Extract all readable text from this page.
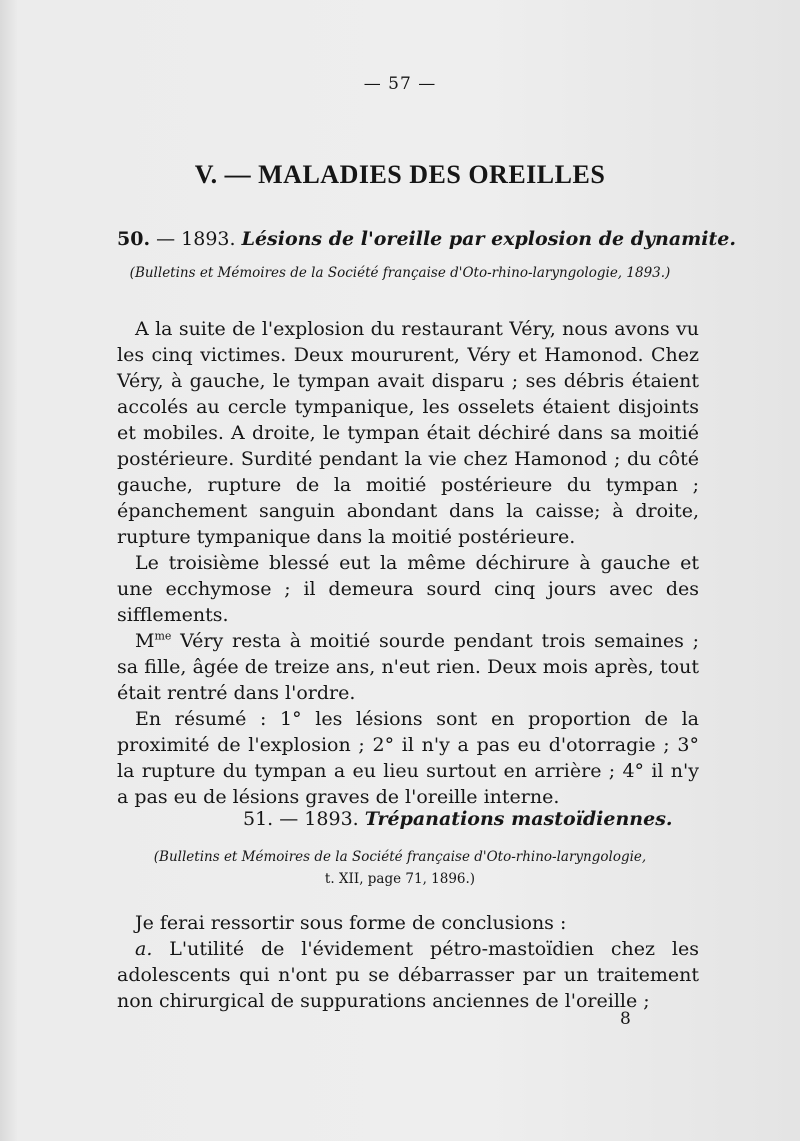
— 57 —
V. — MALADIES DES OREILLES
50. — 1893. Lésions de l'oreille par explosion de dynamite.
(Bulletins et Mémoires de la Société française d'Oto-rhino-laryngologie, 1893.)

A la suite de l'explosion du restaurant Véry, nous avons vu les cinq victimes. Deux moururent, Véry et Hamonod. Chez Véry, à gauche, le tympan avait disparu ; ses débris étaient accolés au cercle tympanique, les osselets étaient disjoints et mobiles. A droite, le tympan était déchiré dans sa moitié postérieure. Surdité pendant la vie chez Hamonod ; du côté gauche, rupture de la moitié postérieure du tympan ; épanchement sanguin abondant dans la caisse; à droite, rupture tympanique dans la moitié postérieure.

Le troisième blessé eut la même déchirure à gauche et une ecchymose ; il demeura sourd cinq jours avec des sifflements.

$M^{me}$ Véry resta à moitié sourde pendant trois semaines ; sa fille, âgée de treize ans, n'eut rien. Deux mois après, tout était rentré dans l'ordre.

En résumé : 1° les lésions sont en proportion de la proximité de l'explosion ; 2° il n'y a pas eu d'otorragie ; 3° la rupture du tympan a eu lieu surtout en arrière ; 4° il n'y a pas eu de lésions graves de l'oreille interne.

51. — 1893. Trépanations mastoïdiennes.
(Bulletins et Mémoires de la Société française d'Oto-rhino-laryngologie,
t. XII, page 71, 1896.)

Je ferai ressortir sous forme de conclusions :

a. L'utilité de l'évidement pétro-mastoïdien chez les adolescents qui n'ont pu se débarrasser par un traitement non chirurgical de suppurations anciennes de l'oreille ;

8
